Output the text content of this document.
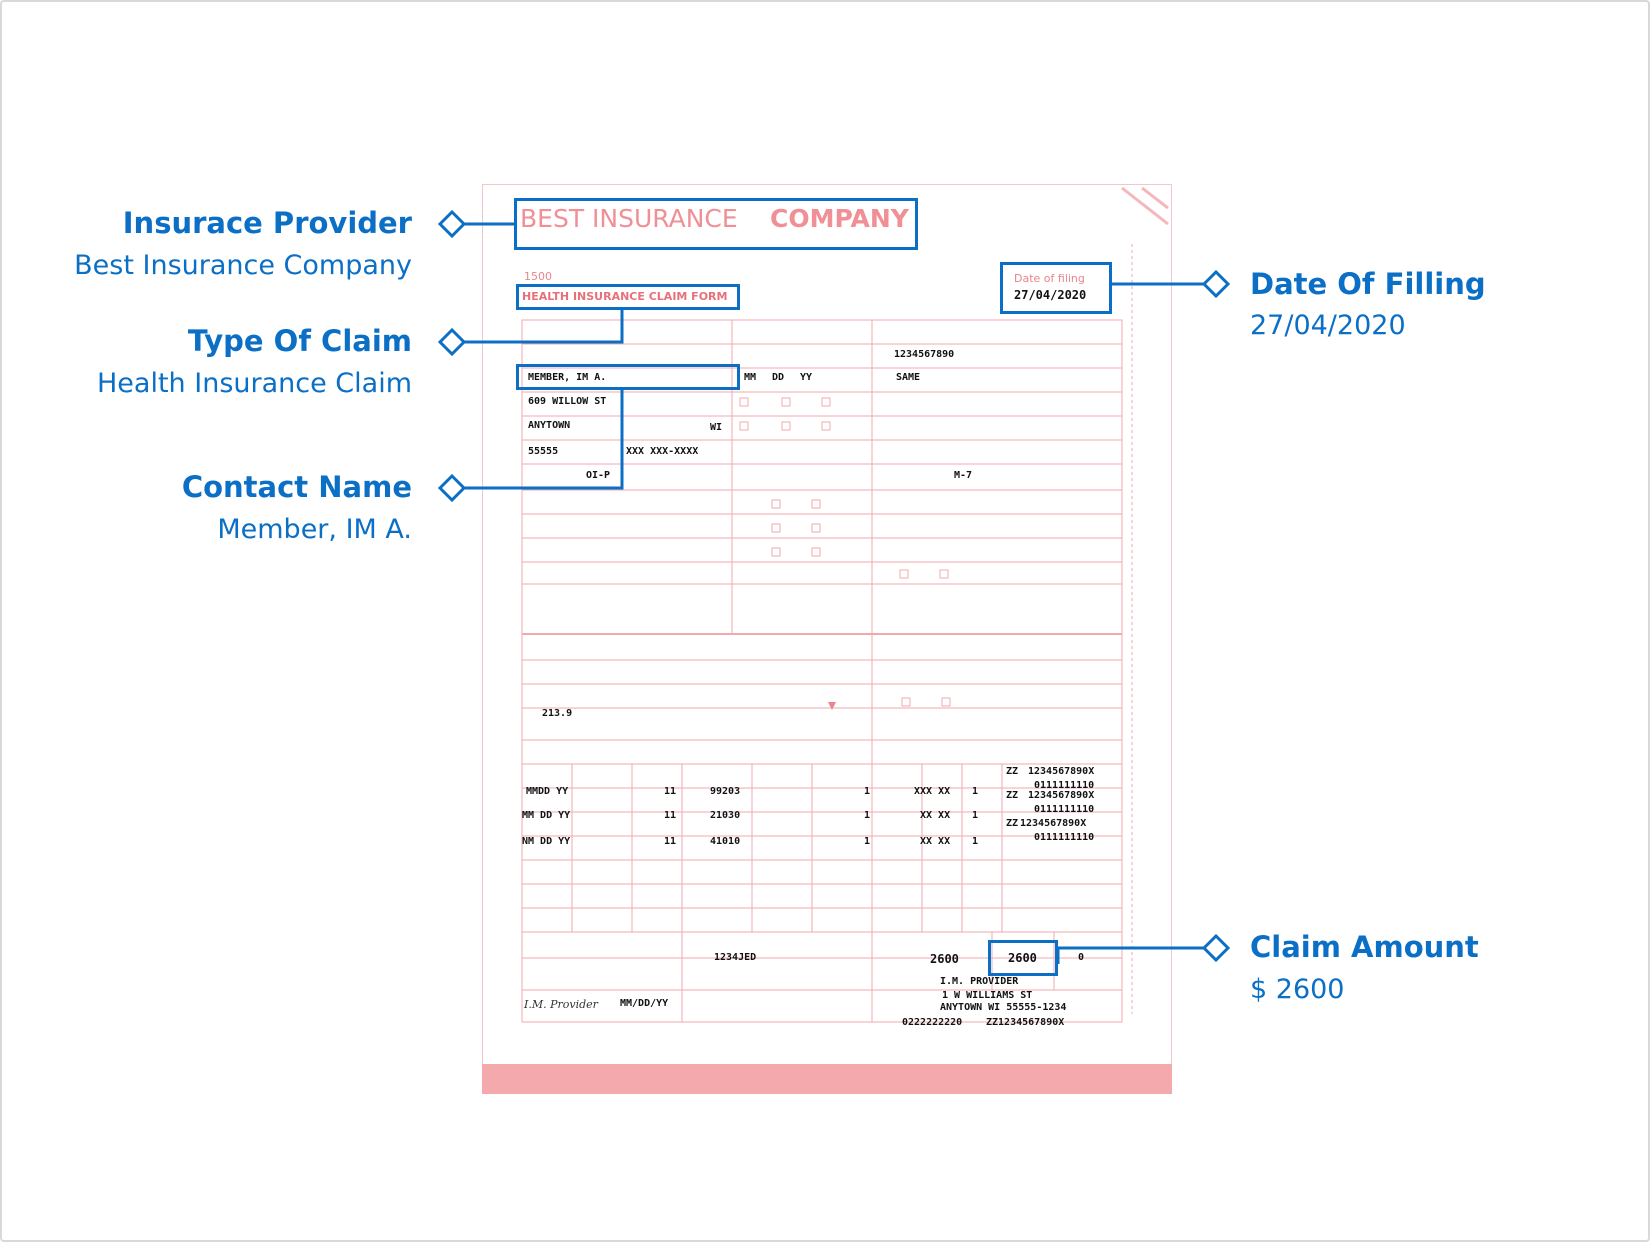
Insurace Provider
Best Insurance Company
Type Of Claim
Health Insurance Claim
Contact Name
Member, IM A.
Date Of Filling
27/04/2020
Claim Amount
$ 2600
BEST INSURANCE COMPANY
1500
HEALTH INSURANCE CLAIM FORM
Date of filing
27/04/2020
1234567890
MEMBER, IM A.	MM DD YY	SAME
609 WILLOW ST
ANYTOWN	WI
55555	XXX XXX-XXXX
OI-P	M-7
213.9
MMDD YY	11	99203	1	XXX XX 1
ZZ 1234567890X
0111111110
MM DD YY	11	21030	1	XX XX 1
ZZ 1234567890X
0111111110
NM DD YY	11	41010	1	XX XX 1
ZZ 1234567890X
0111111110
1234JED	2600	2600	0
I.M. PROVIDER
1 W WILLIAMS ST
ANYTOWN WI 55555-1234
0222222220 ZZ1234567890X
I.M. Provider MM/DD/YY
